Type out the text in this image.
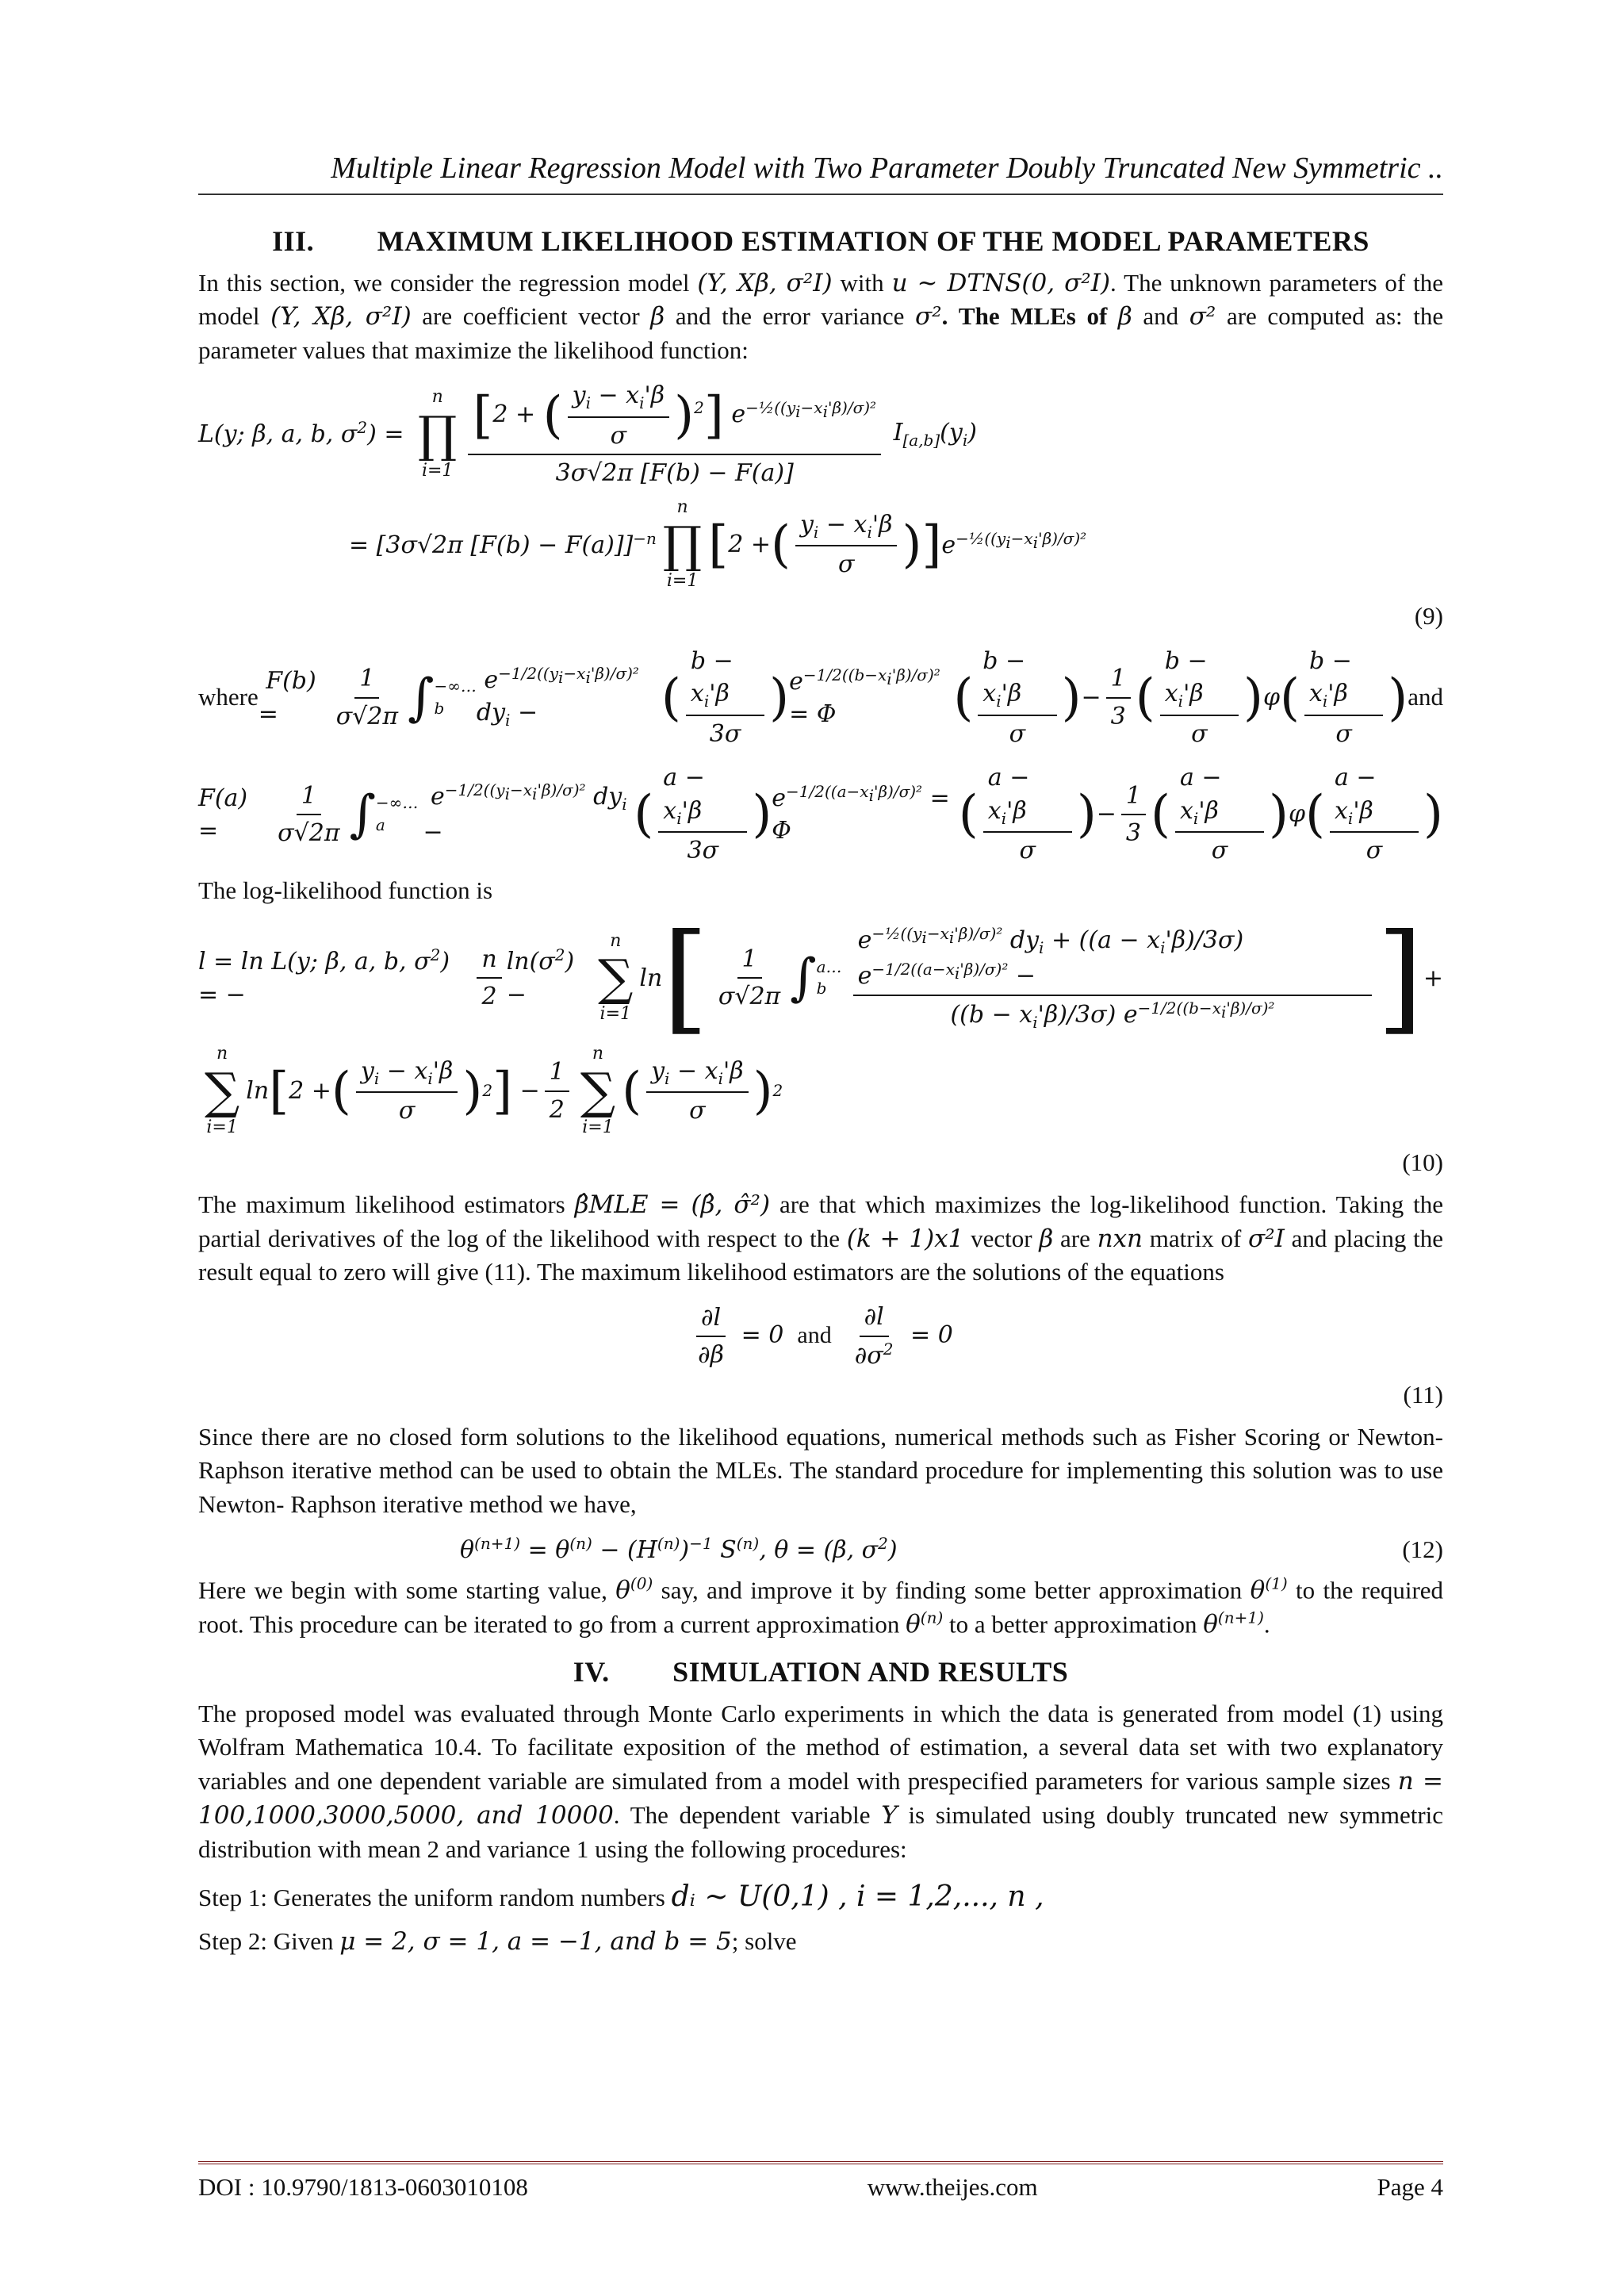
Multiple Linear Regression Model with Two Parameter Doubly Truncated New Symmetric ..
III. MAXIMUM LIKELIHOOD ESTIMATION OF THE MODEL PARAMETERS

In this section, we consider the regression model (Y, Xβ, σ²I) with u ~ DTNS(0, σ²I). The unknown parameters of the model (Y, Xβ, σ²I) are coefficient vector β and the error variance σ². The MLEs of β and σ² are computed as: the parameter values that maximize the likelihood function:

L(y; β, a, b, $\sigma^2$) =
n
∏
$i=1 \frac{[2 + ( \frac{y_i - x_i'\beta}{\sigma} )^2] e^{-\frac{1}{2}((y_i-x_i'\beta)/\sigma)^2}}{3\sigma√2\pi [F(b) - F(a)]} I_{[a,b]}(y_i)$
= [3σ√2π [F(b) − F(a)]]$^{-n}$
n
∏
i=1
[ 2 + ( $\frac{y_i - x_i'\beta}{\sigma}$ ) ] $e^{-\frac{1}{2}((y_i-x_i'\beta)/\sigma)^2}$
(9)
where
F(b) =	$\frac{1}{\sigma√2\pi}$ ∫ −∞…b
$e^{-1/2((y_i-x_i'\beta)/\sigma)^2}$ $dy_i$ −	( $\frac{b - x_i'\beta}{3\sigma}$ ) $e^{-1/2((b-x_i'\beta)/\sigma)^2} = \Phi$	( $\frac{b - x_i'\beta}{\sigma}$ ) − $\frac{1}{3}$ ( $\frac{b - x_i'\beta}{\sigma}$ ) φ ( $\frac{b - x_i'\beta}{\sigma}$ ) and
F(a) =	$\frac{1}{\sigma√2\pi}$ ∫ −∞…a
$e^{-1/2((y_i-x_i'\beta)/\sigma)^2}$ $dy_i$ −	( $\frac{a - x_i'\beta}{3\sigma}$ ) $e^{-1/2((a-x_i'\beta)/\sigma)^2} = \Phi$	( $\frac{a - x_i'\beta}{\sigma}$ ) − $\frac{1}{3}$ ( $\frac{a - x_i'\beta}{\sigma}$ ) φ ( $\frac{a - x_i'\beta}{\sigma}$ )

The log-likelihood function is

l = ln L(y; β, a, b, $\sigma^2$) = −	$\frac{n}{2} \ln(\sigma^2)$ −
n
∑
i=1
ln [ $\frac{1}{\sigma√2\pi}$ ∫ a…b	$\frac{e^{-\frac{1}{2}((y_i-x_i'\beta)/\sigma)^2} dy_i + ((a - x_i'\beta)/3\sigma) e^{-1/2((a-x_i'\beta)/\sigma)^2} -}{((b - x_i'\beta)/3\sigma) e^{-1/2((b-x_i'\beta)/\sigma)^2}}$ ] +
n
∑
i=1
ln [ 2 + ( $\frac{y_i - x_i'\beta}{\sigma}$ ) 2 ] − $\frac{1}{2}$
n
∑
i=1
( $\frac{y_i - x_i'\beta}{\sigma}$ ) 2
(10)

The maximum likelihood estimators β̂MLE = (β̂, σ̂²) are that which maximizes the log-likelihood function. Taking the partial derivatives of the log of the likelihood with respect to the (k + 1)x1 vector β are nxn matrix of σ²I and placing the result equal to zero will give (11). The maximum likelihood estimators are the solutions of the equations

$\frac{\partial l}{\partial\beta} = 0$  and $\frac{\partial l}{\partial\sigma^2} = 0$
(11)

Since there are no closed form solutions to the likelihood equations, numerical methods such as Fisher Scoring or Newton-Raphson iterative method can be used to obtain the MLEs. The standard procedure for implementing this solution was to use Newton- Raphson iterative method we have,

$\theta^{(n+1)} = \theta^{(n)} - (H^{(n)})^{-1}$ $S^{(n)}$, θ = (β, $\sigma^2$)	(12)

Here we begin with some starting value, $\theta^{(0)}$ say, and improve it by finding some better approximation $\theta^{(1)}$ to the required root. This procedure can be iterated to go from a current approximation $\theta^{(n)}$ to a better approximation $\theta^{(n+1)}$.

IV. SIMULATION AND RESULTS

The proposed model was evaluated through Monte Carlo experiments in which the data is generated from model (1) using Wolfram Mathematica 10.4. To facilitate exposition of the method of estimation, a several data set with two explanatory variables and one dependent variable are simulated from a model with prespecified parameters for various sample sizes n = 100,1000,3000,5000, and 10000. The dependent variable Y is simulated using doubly truncated new symmetric distribution with mean 2 and variance 1 using the following procedures:

Step 1: Generates the uniform random numbers dᵢ ~ U(0,1) , i = 1,2,..., n ,

Step 2: Given μ = 2, σ = 1, a = −1, and b = 5; solve

DOI : 10.9790/1813-0603010108	www.theijes.com	Page 4
